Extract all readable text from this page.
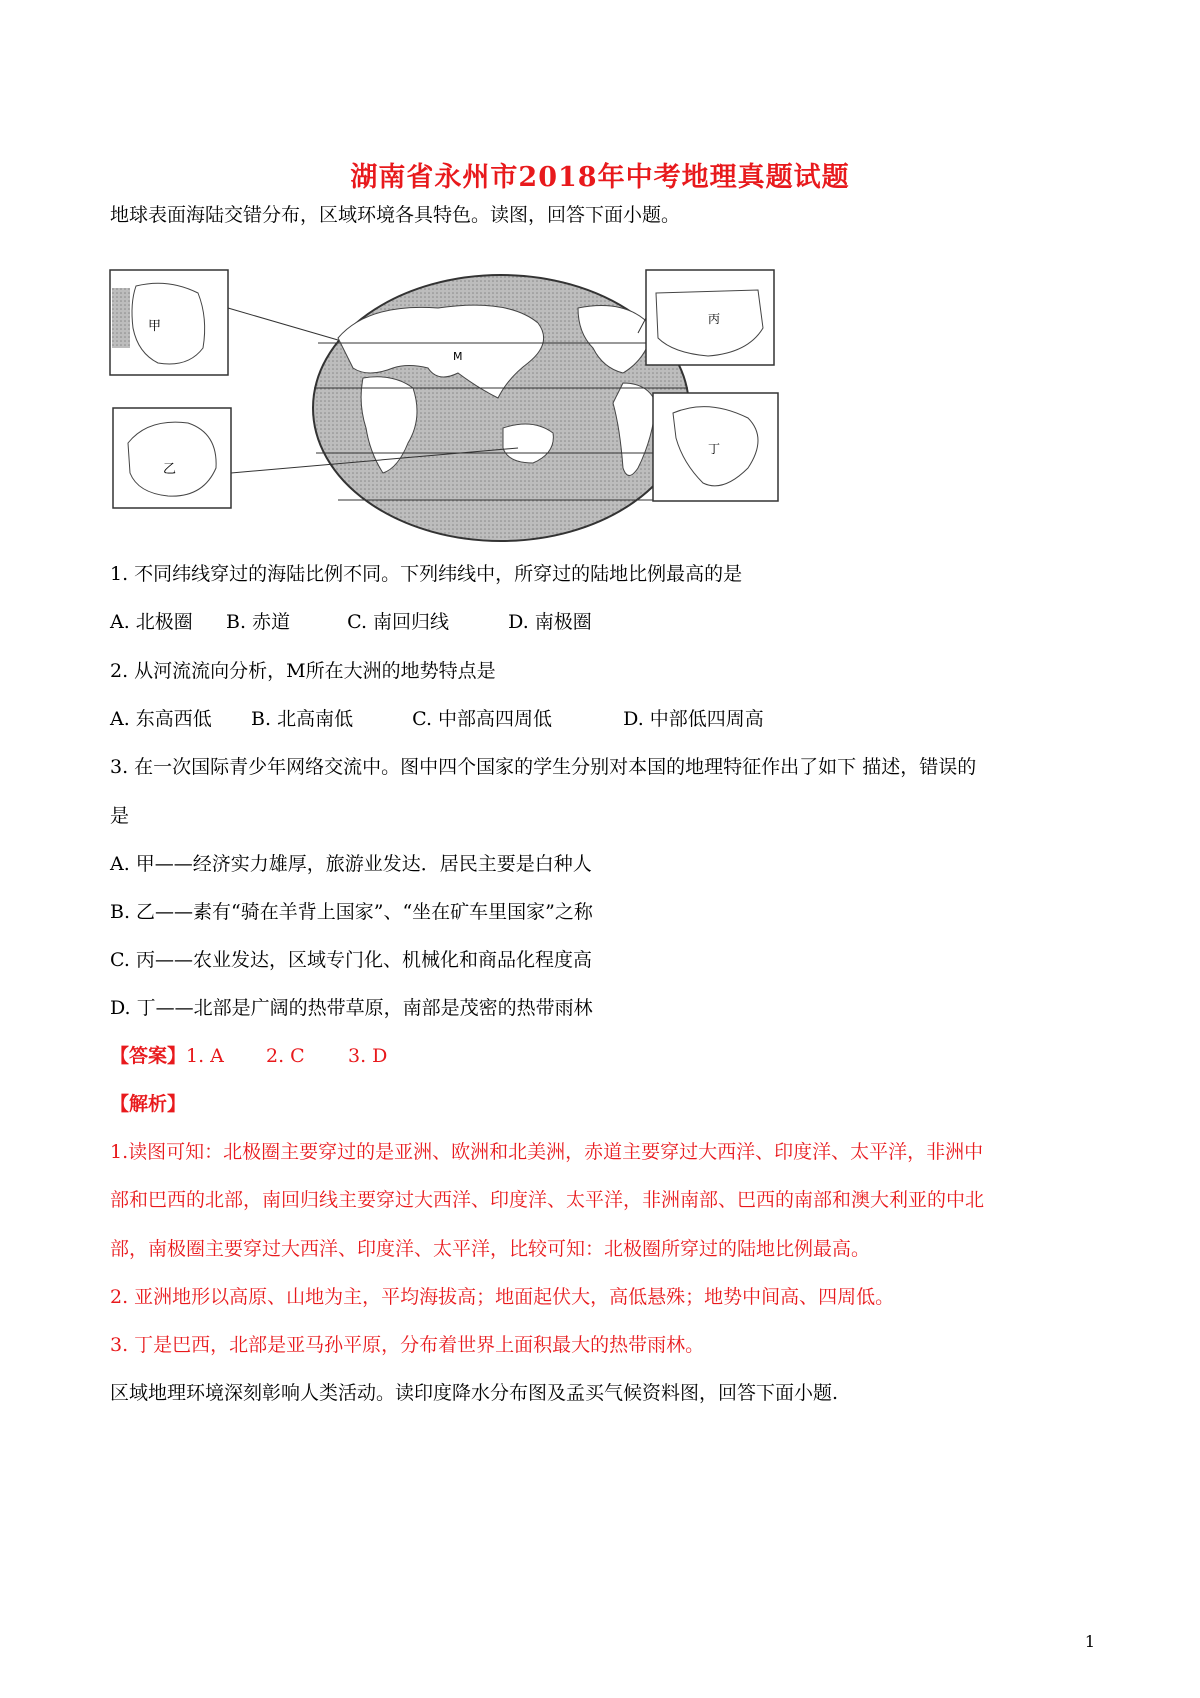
湖南省永州市2018年中考地理真题试题
地球表面海陆交错分布，区域环境各具特色。读图，回答下面小题。
M
甲
乙
丙
丁
1. 不同纬线穿过的海陆比例不同。下列纬线中，所穿过的陆地比例最高的是
A. 北极圈 B. 赤道	C. 南回归线	D. 南极圈
2. 从河流流向分析，M所在大洲的地势特点是
A. 东高西低 B. 北高南低	C. 中部高四周低	D. 中部低四周高
3. 在一次国际青少年网络交流中。图中四个国家的学生分别对本国的地理特征作出了如下 描述，错误的
是
A. 甲——经济实力雄厚，旅游业发达．居民主要是白种人
B. 乙——素有“骑在羊背上国家”、“坐在矿车里国家”之称
C. 丙——农业发达，区域专门化、机械化和商品化程度高
D. 丁——北部是广阔的热带草原，南部是茂密的热带雨林
【答案】1. A 2. C 3. D
【解析】
1.读图可知：北极圈主要穿过的是亚洲、欧洲和北美洲，赤道主要穿过大西洋、印度洋、太平洋，非洲中
部和巴西的北部，南回归线主要穿过大西洋、印度洋、太平洋，非洲南部、巴西的南部和澳大利亚的中北
部，南极圈主要穿过大西洋、印度洋、太平洋，比较可知：北极圈所穿过的陆地比例最高。
2. 亚洲地形以高原、山地为主，平均海拔高；地面起伏大，高低悬殊；地势中间高、四周低。
3. 丁是巴西，北部是亚马孙平原，分布着世界上面积最大的热带雨林。
区域地理环境深刻彰响人类活动。读印度降水分布图及孟买气候资料图，回答下面小题.
1
